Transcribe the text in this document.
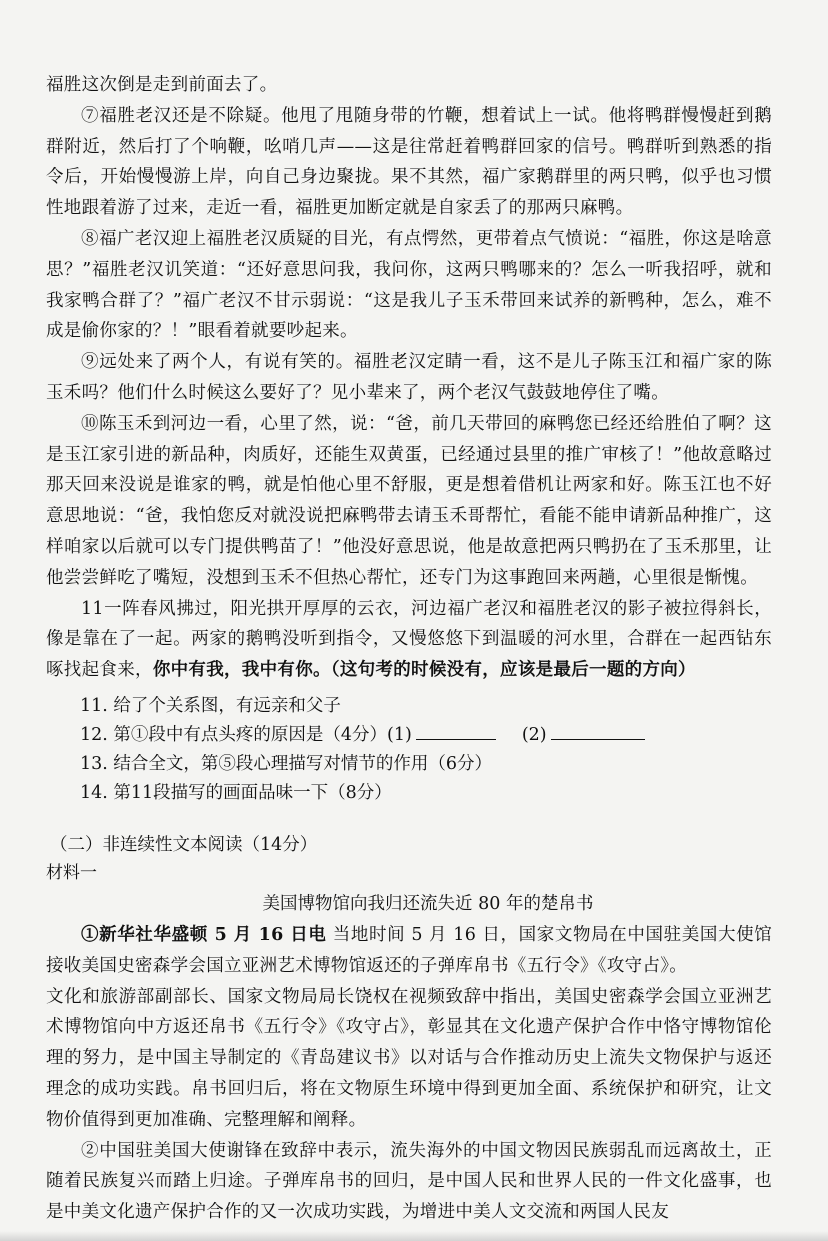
福胜这次倒是走到前面去了。

⑦福胜老汉还是不除疑。他甩了甩随身带的竹鞭，想着试上一试。他将鸭群慢慢赶到鹅群附近，然后打了个响鞭，吆哨几声——这是往常赶着鸭群回家的信号。鸭群听到熟悉的指令后，开始慢慢游上岸，向自己身边聚拢。果不其然，福广家鹅群里的两只鸭，似乎也习惯性地跟着游了过来，走近一看，福胜更加断定就是自家丢了的那两只麻鸭。

⑧福广老汉迎上福胜老汉质疑的目光，有点愕然，更带着点气愤说：“福胜，你这是啥意思？”福胜老汉讥笑道：“还好意思问我，我问你，这两只鸭哪来的？怎么一听我招呼，就和我家鸭合群了？”福广老汉不甘示弱说：“这是我儿子玉禾带回来试养的新鸭种，怎么，难不成是偷你家的？！”眼看着就要吵起来。

⑨远处来了两个人，有说有笑的。福胜老汉定睛一看，这不是儿子陈玉江和福广家的陈玉禾吗？他们什么时候这么要好了？见小辈来了，两个老汉气鼓鼓地停住了嘴。

⑩陈玉禾到河边一看，心里了然，说：“爸，前几天带回的麻鸭您已经还给胜伯了啊？这是玉江家引进的新品种，肉质好，还能生双黄蛋，已经通过县里的推广审核了！”他故意略过那天回来没说是谁家的鸭，就是怕他心里不舒服，更是想着借机让两家和好。陈玉江也不好意思地说：“爸，我怕您反对就没说把麻鸭带去请玉禾哥帮忙，看能不能申请新品种推广，这样咱家以后就可以专门提供鸭苗了！”他没好意思说，他是故意把两只鸭扔在了玉禾那里，让他尝尝鲜吃了嘴短，没想到玉禾不但热心帮忙，还专门为这事跑回来两趟，心里很是惭愧。

11一阵春风拂过，阳光拱开厚厚的云衣，河边福广老汉和福胜老汉的影子被拉得斜长，像是靠在了一起。两家的鹅鸭没听到指令，又慢悠悠下到温暖的河水里，合群在一起西钻东啄找起食来，你中有我，我中有你。（这句考的时候没有，应该是最后一题的方向）

11. 给了个关系图，有远亲和父子

12. 第①段中有点头疼的原因是（4分）(1)	(2)

13. 结合全文，第⑤段心理描写对情节的作用（6分）

14. 第11段描写的画面品味一下（8分）

（二）非连续性文本阅读（14分）

材料一

美国博物馆向我归还流失近 80 年的楚帛书

①新华社华盛顿 5 月 16 日电 当地时间 5 月 16 日，国家文物局在中国驻美国大使馆接收美国史密森学会国立亚洲艺术博物馆返还的子弹库帛书《五行令》《攻守占》。

文化和旅游部副部长、国家文物局局长饶权在视频致辞中指出，美国史密森学会国立亚洲艺术博物馆向中方返还帛书《五行令》《攻守占》，彰显其在文化遗产保护合作中恪守博物馆伦理的努力，是中国主导制定的《青岛建议书》以对话与合作推动历史上流失文物保护与返还理念的成功实践。帛书回归后，将在文物原生环境中得到更加全面、系统保护和研究，让文物价值得到更加准确、完整理解和阐释。

②中国驻美国大使谢锋在致辞中表示，流失海外的中国文物因民族弱乱而远离故土，正随着民族复兴而踏上归途。子弹库帛书的回归，是中国人民和世界人民的一件文化盛事，也是中美文化遗产保护合作的又一次成功实践，为增进中美人文交流和两国人民友
